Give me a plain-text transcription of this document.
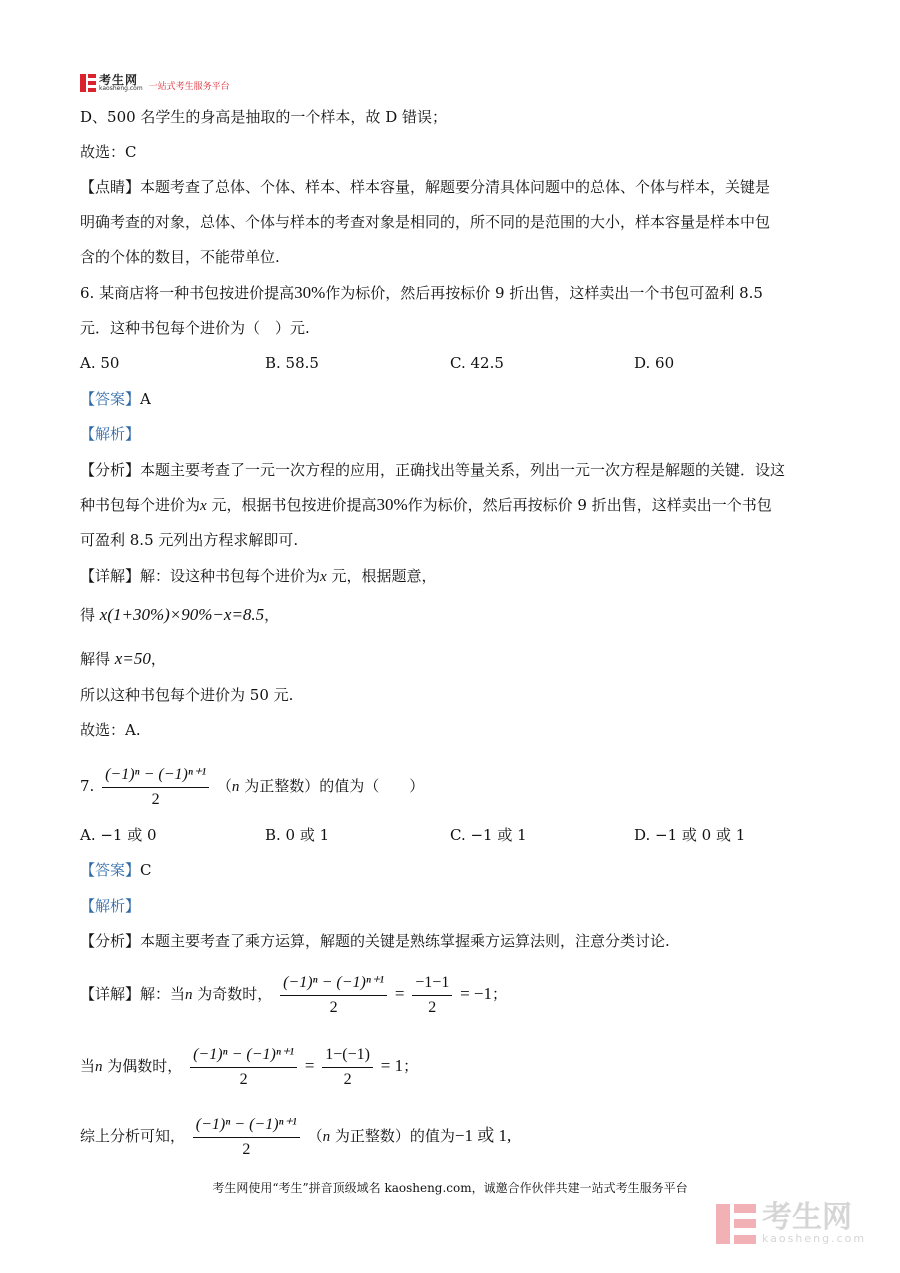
考生网
kaosheng.com 一站式考生服务平台
D、500 名学生的身高是抽取的一个样本，故 D 错误；
故选：C
【点睛】本题考查了总体、个体、样本、样本容量，解题要分清具体问题中的总体、个体与样本，关键是
明确考查的对象，总体、个体与样本的考查对象是相同的，所不同的是范围的大小，样本容量是样本中包
含的个体的数目，不能带单位.
6. 某商店将一种书包按进价提高30%作为标价，然后再按标价 9 折出售，这样卖出一个书包可盈利 8.5
元．这种书包每个进价为（　）元.
A. 50	B. 58.5	C. 42.5	D. 60
【答案】A
【解析】
【分析】本题主要考查了一元一次方程的应用，正确找出等量关系，列出一元一次方程是解题的关键．设这
种书包每个进价为x 元，根据书包按进价提高30%作为标价，然后再按标价 9 折出售，这样卖出一个书包
可盈利 8.5 元列出方程求解即可.
【详解】解：设这种书包每个进价为x 元，根据题意，
得 x(1+30%)×90%−x=8.5，
解得 x=50，
所以这种书包每个进价为 50 元.
故选：A.
7. $\frac{\text{(−1)ⁿ − (−1)ⁿ⁺¹}}{2} (n$ 为正整数）的值为（　　）
A. −1 或 0	B. 0 或 1	C. −1 或 1	D. −1 或 0 或 1
【答案】C
【解析】
【分析】本题主要考查了乘方运算，解题的关键是熟练掌握乘方运算法则，注意分类讨论.
【详解】解：当n 为奇数时， $\frac{\text{(−1)ⁿ − (−1)ⁿ⁺¹}}{2} = \frac{-1-1}{2} = -1$；
当n 为偶数时， $\frac{\text{(−1)ⁿ − (−1)ⁿ⁺¹}}{2} = \frac{1-(-1)}{2} = 1$；
综上分析可知， $\frac{\text{(−1)ⁿ − (−1)ⁿ⁺¹}}{2} (n$ 为正整数）的值为−1 或 1,
考生网使用“考生”拼音顶级域名 kaosheng.com，诚邀合作伙伴共建一站式考生服务平台
考生网
kaosheng.com
